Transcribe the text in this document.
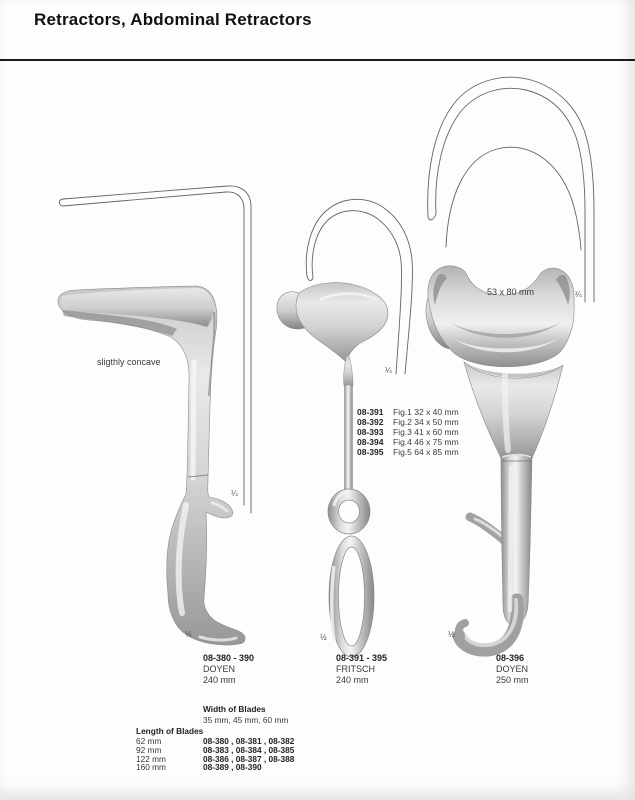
Retractors, Abdominal Retractors
sligthly concave
53 x 80 mm
¼
¼
¼
½	½	½
08-391	Fig.1 32 x 40 mm
08-392	Fig.2 34 x 50 mm
08-393	Fig.3 41 x 60 mm
08-394	Fig.4 46 x 75 mm
08-395	Fig.5 64 x 85 mm
08-380 - 390
DOYEN
240 mm
08-391 - 395
FRITSCH
240 mm
08-396
DOYEN
250 mm
Width of Blades
35 mm, 45 mm, 60 mm
Length of Blades
62 mm	08-380 , 08-381 , 08-382
92 mm	08-383 , 08-384 , 08-385
122 mm	08-386 , 08-387 , 08-388
160 mm	08-389 , 08-390
